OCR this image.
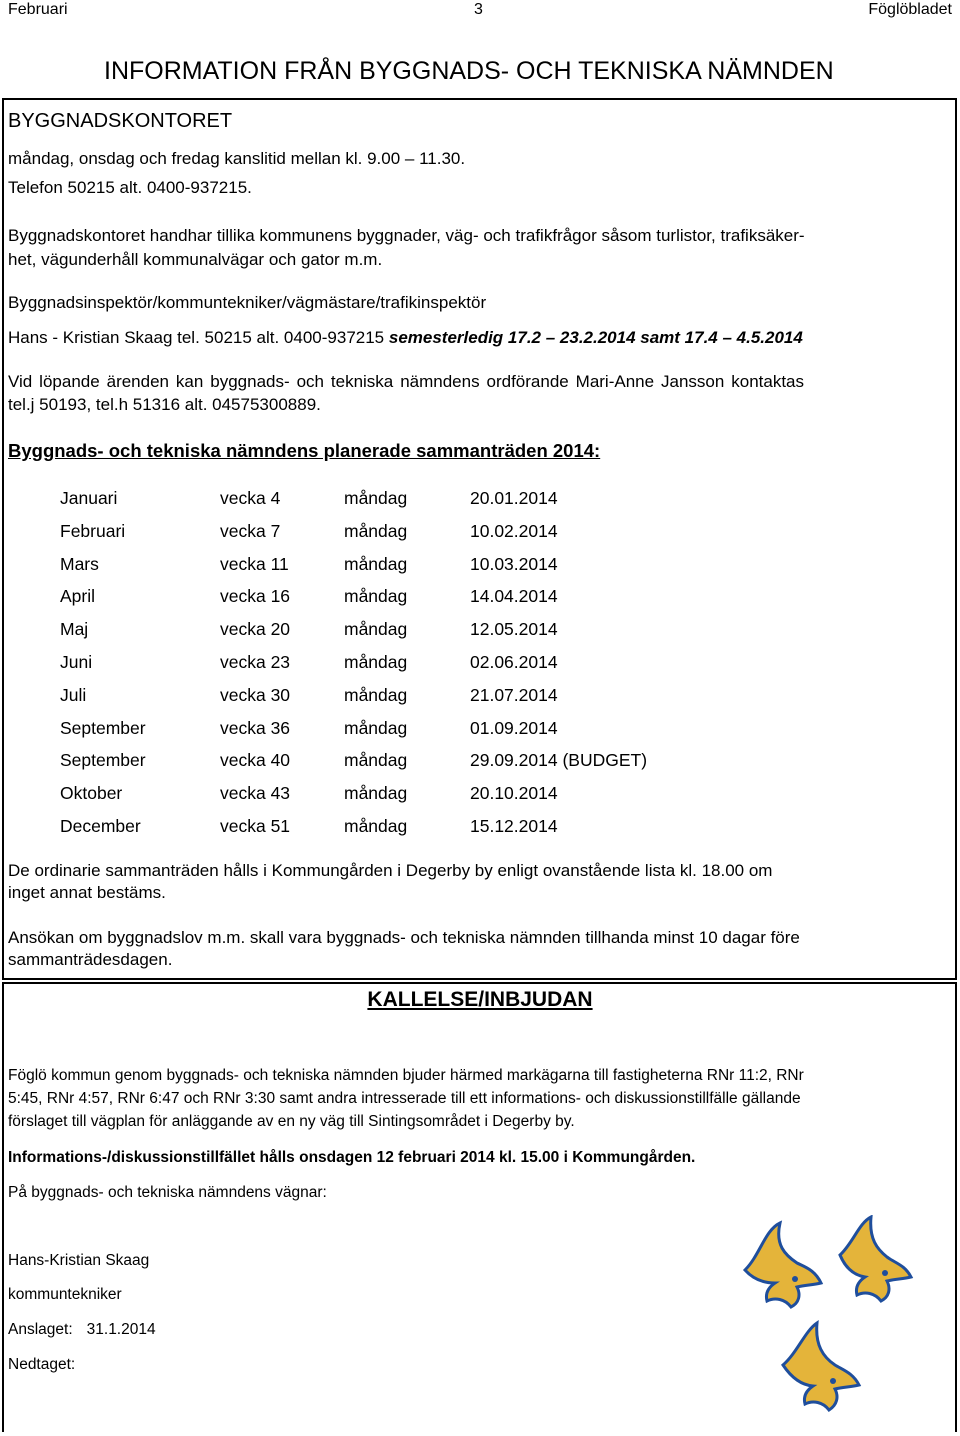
Februari	3	Föglöbladet
INFORMATION FRÅN BYGGNADS- OCH TEKNISKA NÄMNDEN
BYGGNADSKONTORET
måndag, onsdag och fredag kanslitid mellan kl. 9.00 – 11.30.
Telefon 50215 alt. 0400-937215.
Byggnadskontoret handhar tillika kommunens byggnader, väg- och trafikfrågor såsom turlistor, trafiksäker-
het, vägunderhåll kommunalvägar och gator m.m.
Byggnadsinspektör/kommuntekniker/vägmästare/trafikinspektör
Hans - Kristian Skaag tel. 50215 alt. 0400-937215 semesterledig 17.2 – 23.2.2014 samt 17.4 – 4.5.2014
Vid löpande ärenden kan byggnads- och tekniska nämndens ordförande Mari-Anne Jansson kontaktas
tel.j 50193, tel.h 51316 alt. 04575300889.
Byggnads- och tekniska nämndens planerade sammanträden 2014:
Januari	vecka 4	måndag	20.01.2014
Februari	vecka 7	måndag	10.02.2014
Mars	vecka 11	måndag	10.03.2014
April	vecka 16	måndag	14.04.2014
Maj	vecka 20	måndag	12.05.2014
Juni	vecka 23	måndag	02.06.2014
Juli	vecka 30	måndag	21.07.2014
September	vecka 36	måndag	01.09.2014
September	vecka 40	måndag	29.09.2014 (BUDGET)
Oktober	vecka 43	måndag	20.10.2014
December	vecka 51	måndag	15.12.2014
De ordinarie sammanträden hålls i Kommungården i Degerby by enligt ovanstående lista kl. 18.00 om
inget annat bestäms.
Ansökan om byggnadslov m.m. skall vara byggnads- och tekniska nämnden tillhanda minst 10 dagar före
sammanträdesdagen.
KALLELSE/INBJUDAN
Föglö kommun genom byggnads- och tekniska nämnden bjuder härmed markägarna till fastigheterna RNr 11:2, RNr
5:45, RNr 4:57, RNr 6:47 och RNr 3:30 samt andra intresserade till ett informations- och diskussionstillfälle gällande
förslaget till vägplan för anläggande av en ny väg till Sintingsområdet i Degerby by.
Informations-/diskussionstillfället hålls onsdagen 12 februari 2014 kl. 15.00 i Kommungården.
På byggnads- och tekniska nämndens vägnar:
Hans-Kristian Skaag
kommuntekniker
Anslaget: 31.1.2014
Nedtaget:
